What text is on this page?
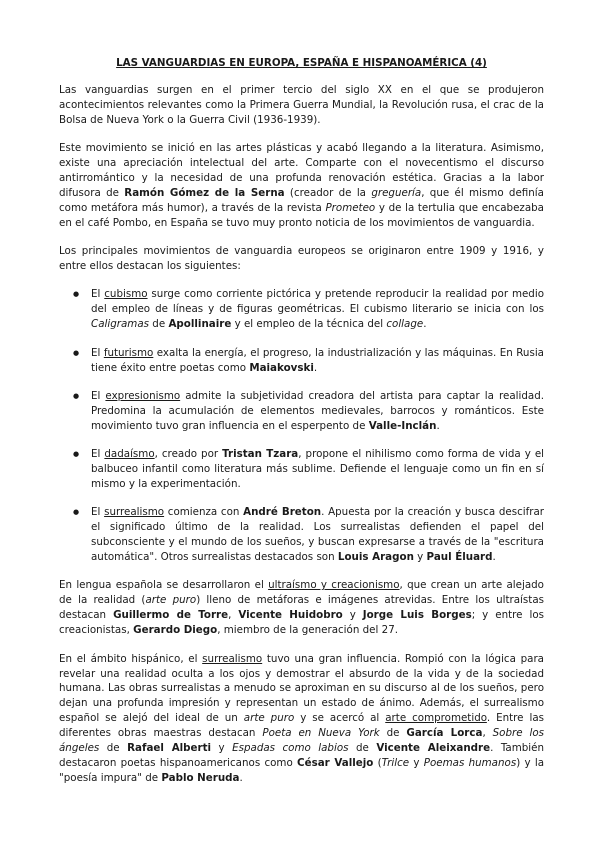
LAS VANGUARDIAS EN EUROPA, ESPAÑA E HISPANOAMÉRICA (4)

Las vanguardias surgen en el primer tercio del siglo XX en el que se produjeron acontecimientos relevantes como la Primera Guerra Mundial, la Revolución rusa, el crac de la Bolsa de Nueva York o la Guerra Civil (1936-1939).

Este movimiento se inició en las artes plásticas y acabó llegando a la literatura. Asimismo, existe una apreciación intelectual del arte. Comparte con el novecentismo el discurso antirromántico y la necesidad de una profunda renovación estética. Gracias a la labor difusora de Ramón Gómez de la Serna (creador de la greguería, que él mismo definía como metáfora más humor), a través de la revista Prometeo y de la tertulia que encabezaba en el café Pombo, en España se tuvo muy pronto noticia de los movimientos de vanguardia.

Los principales movimientos de vanguardia europeos se originaron entre 1909 y 1916, y entre ellos destacan los siguientes:

● El cubismo surge como corriente pictórica y pretende reproducir la realidad por medio del empleo de líneas y de figuras geométricas. El cubismo literario se inicia con los Caligramas de Apollinaire y el empleo de la técnica del collage.
● El futurismo exalta la energía, el progreso, la industrialización y las máquinas. En Rusia tiene éxito entre poetas como Maiakovski.
● El expresionismo admite la subjetividad creadora del artista para captar la realidad. Predomina la acumulación de elementos medievales, barrocos y románticos. Este movimiento tuvo gran influencia en el esperpento de Valle-Inclán.
● El dadaísmo, creado por Tristan Tzara, propone el nihilismo como forma de vida y el balbuceo infantil como literatura más sublime. Defiende el lenguaje como un fin en sí mismo y la experimentación.
● El surrealismo comienza con André Breton. Apuesta por la creación y busca descifrar el significado último de la realidad. Los surrealistas defienden el papel del subconsciente y el mundo de los sueños, y buscan expresarse a través de la "escritura automática". Otros surrealistas destacados son Louis Aragon y Paul Éluard.

En lengua española se desarrollaron el ultraísmo y creacionismo, que crean un arte alejado de la realidad (arte puro) lleno de metáforas e imágenes atrevidas. Entre los ultraístas destacan Guillermo de Torre, Vicente Huidobro y Jorge Luis Borges; y entre los creacionistas, Gerardo Diego, miembro de la generación del 27.

En el ámbito hispánico, el surrealismo tuvo una gran influencia. Rompió con la lógica para revelar una realidad oculta a los ojos y demostrar el absurdo de la vida y de la sociedad humana. Las obras surrealistas a menudo se aproximan en su discurso al de los sueños, pero dejan una profunda impresión y representan un estado de ánimo. Además, el surrealismo español se alejó del ideal de un arte puro y se acercó al arte comprometido. Entre las diferentes obras maestras destacan Poeta en Nueva York de García Lorca, Sobre los ángeles de Rafael Alberti y Espadas como labios de Vicente Aleixandre. También destacaron poetas hispanoamericanos como César Vallejo (Trilce y Poemas humanos) y la "poesía impura" de Pablo Neruda.
